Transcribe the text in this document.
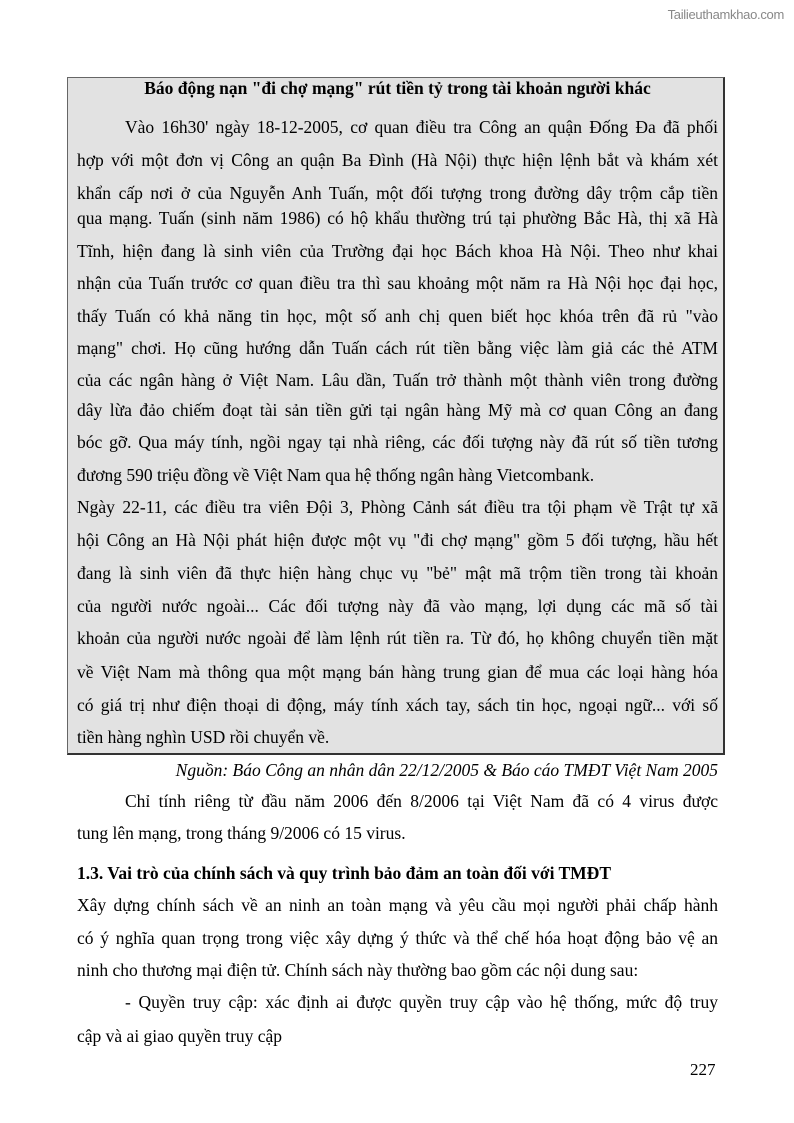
Tailieuthamkhao.com
Báo động nạn "đi chợ mạng" rút tiền tỷ trong tài khoản người khác
Vào 16h30' ngày 18-12-2005, cơ quan điều tra Công an quận Đống Đa đã phối
hợp với một đơn vị Công an quận Ba Đình (Hà Nội) thực hiện lệnh bắt và khám xét
khẩn cấp nơi ở của Nguyễn Anh Tuấn, một đối tượng trong đường dây trộm cắp tiền
qua mạng. Tuấn (sinh năm 1986) có hộ khẩu thường trú tại phường Bắc Hà, thị xã Hà
Tĩnh, hiện đang là sinh viên của Trường đại học Bách khoa Hà Nội. Theo như khai
nhận của Tuấn trước cơ quan điều tra thì sau khoảng một năm ra Hà Nội học đại học,
thấy Tuấn có khả năng tin học, một số anh chị quen biết học khóa trên đã rủ "vào
mạng" chơi. Họ cũng hướng dẫn Tuấn cách rút tiền bằng việc làm giả các thẻ ATM
của các ngân hàng ở Việt Nam. Lâu dần, Tuấn trở thành một thành viên trong đường
dây lừa đảo chiếm đoạt tài sản tiền gửi tại ngân hàng Mỹ mà cơ quan Công an đang
bóc gỡ. Qua máy tính, ngồi ngay tại nhà riêng, các đối tượng này đã rút số tiền tương
đương 590 triệu đồng về Việt Nam qua hệ thống ngân hàng Vietcombank.
Ngày 22-11, các điều tra viên Đội 3, Phòng Cảnh sát điều tra tội phạm về Trật tự xã
hội Công an Hà Nội phát hiện được một vụ "đi chợ mạng" gồm 5 đối tượng, hầu hết
đang là sinh viên đã thực hiện hàng chục vụ "bẻ" mật mã trộm tiền trong tài khoản
của người nước ngoài... Các đối tượng này đã vào mạng, lợi dụng các mã số tài
khoản của người nước ngoài để làm lệnh rút tiền ra. Từ đó, họ không chuyển tiền mặt
về Việt Nam mà thông qua một mạng bán hàng trung gian để mua các loại hàng hóa
có giá trị như điện thoại di động, máy tính xách tay, sách tin học, ngoại ngữ... với số
tiền hàng nghìn USD rồi chuyển về.
Nguồn: Báo Công an nhân dân 22/12/2005 & Báo cáo TMĐT Việt Nam 2005
Chỉ tính riêng từ đầu năm 2006 đến 8/2006 tại Việt Nam đã có 4 virus được
tung lên mạng, trong tháng 9/2006 có 15 virus.
1.3. Vai trò của chính sách và quy trình bảo đảm an toàn đối với TMĐT
Xây dựng chính sách về an ninh an toàn mạng và yêu cầu mọi người phải chấp hành
có ý nghĩa quan trọng trong việc xây dựng ý thức và thể chế hóa hoạt động bảo vệ an
ninh cho thương mại điện tử. Chính sách này thường bao gồm các nội dung sau:
- Quyền truy cập: xác định ai được quyền truy cập vào hệ thống, mức độ truy
cập và ai giao quyền truy cập
227
